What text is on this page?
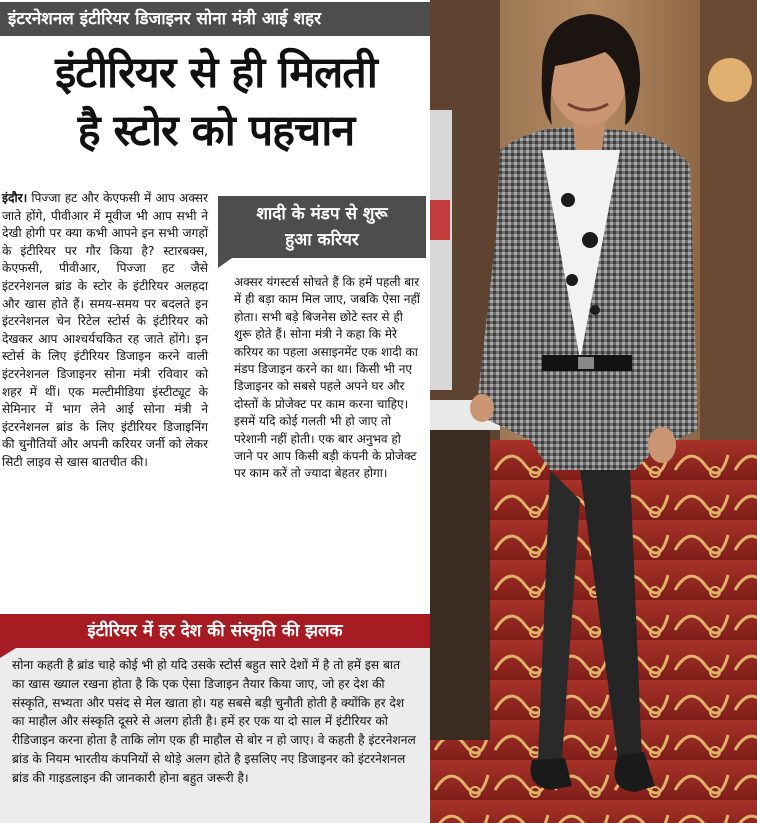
इंटरनेशनल इंटीरियर डिजाइनर सोना मंत्री आई शहर
इंटीरियर से ही मिलती
है स्टोर को पहचान
इंदौर। पिज्जा हट और केएफसी में आप अक्सर जाते होंगे, पीवीआर में मूवीज भी आप सभी ने देखी होगी पर क्या कभी आपने इन सभी जगहों के इंटीरियर पर गौर किया है? स्टारबक्स, केएफसी, पीवीआर, पिज्जा हट जैसे इंटरनेशनल ब्रांड के स्टोर के इंटीरियर अलहदा और खास होते हैं। समय-समय पर बदलते इन इंटरनेशनल चेन रिटेल स्टोर्स के इंटीरियर को देखकर आप आश्चर्यचकित रह जाते होंगे। इन स्टोर्स के लिए इंटीरियर डिजाइन करने वाली इंटरनेशनल डिजाइनर सोना मंत्री रविवार को शहर में थीं। एक मल्टीमीडिया इंस्टीट्यूट के सेमिनार में भाग लेने आई सोना मंत्री ने इंटरनेशनल ब्रांड के लिए इंटीरियर डिजाइनिंग की चुनौतियों और अपनी करियर जर्नी को लेकर सिटी लाइव से खास बातचीत की।
शादी के मंडप से शुरू
हुआ करियर
अक्सर यंगस्टर्स सोचते हैं कि हमें पहली बार में ही बड़ा काम मिल जाए, जबकि ऐसा नहीं होता। सभी बड़े बिजनेस छोटे स्तर से ही शुरू होते हैं। सोना मंत्री ने कहा कि मेरे करियर का पहला असाइनमेंट एक शादी का मंडप डिजाइन करने का था। किसी भी नए डिजाइनर को सबसे पहले अपने घर और दोस्तों के प्रोजेक्ट पर काम करना चाहिए। इसमें यदि कोई गलती भी हो जाए तो परेशानी नहीं होती। एक बार अनुभव हो जाने पर आप किसी बड़ी कंपनी के प्रोजेक्ट पर काम करें तो ज्यादा बेहतर होगा।
इंटीरियर में हर देश की संस्कृति की झलक
सोना कहती है ब्रांड चाहे कोई भी हो यदि उसके स्टोर्स बहुत सारे देशों में है तो हमें इस बात का खास ख्याल रखना होता है कि एक ऐसा डिजाइन तैयार किया जाए, जो हर देश की संस्कृति, सभ्यता और पसंद से मेल खाता हो। यह सबसे बड़ी चुनौती होती है क्योंकि हर देश का माहौल और संस्कृति दूसरे से अलग होती है। हमें हर एक या दो साल में इंटीरियर को रीडिजाइन करना होता है ताकि लोग एक ही माहौल से बोर न हो जाए। वे कहती है इंटरनेशनल ब्रांड के नियम भारतीय कंपनियों से थोड़े अलग होते है इसलिए नए डिजाइनर को इंटरनेशनल ब्रांड की गाइडलाइन की जानकारी होना बहुत जरूरी है।
